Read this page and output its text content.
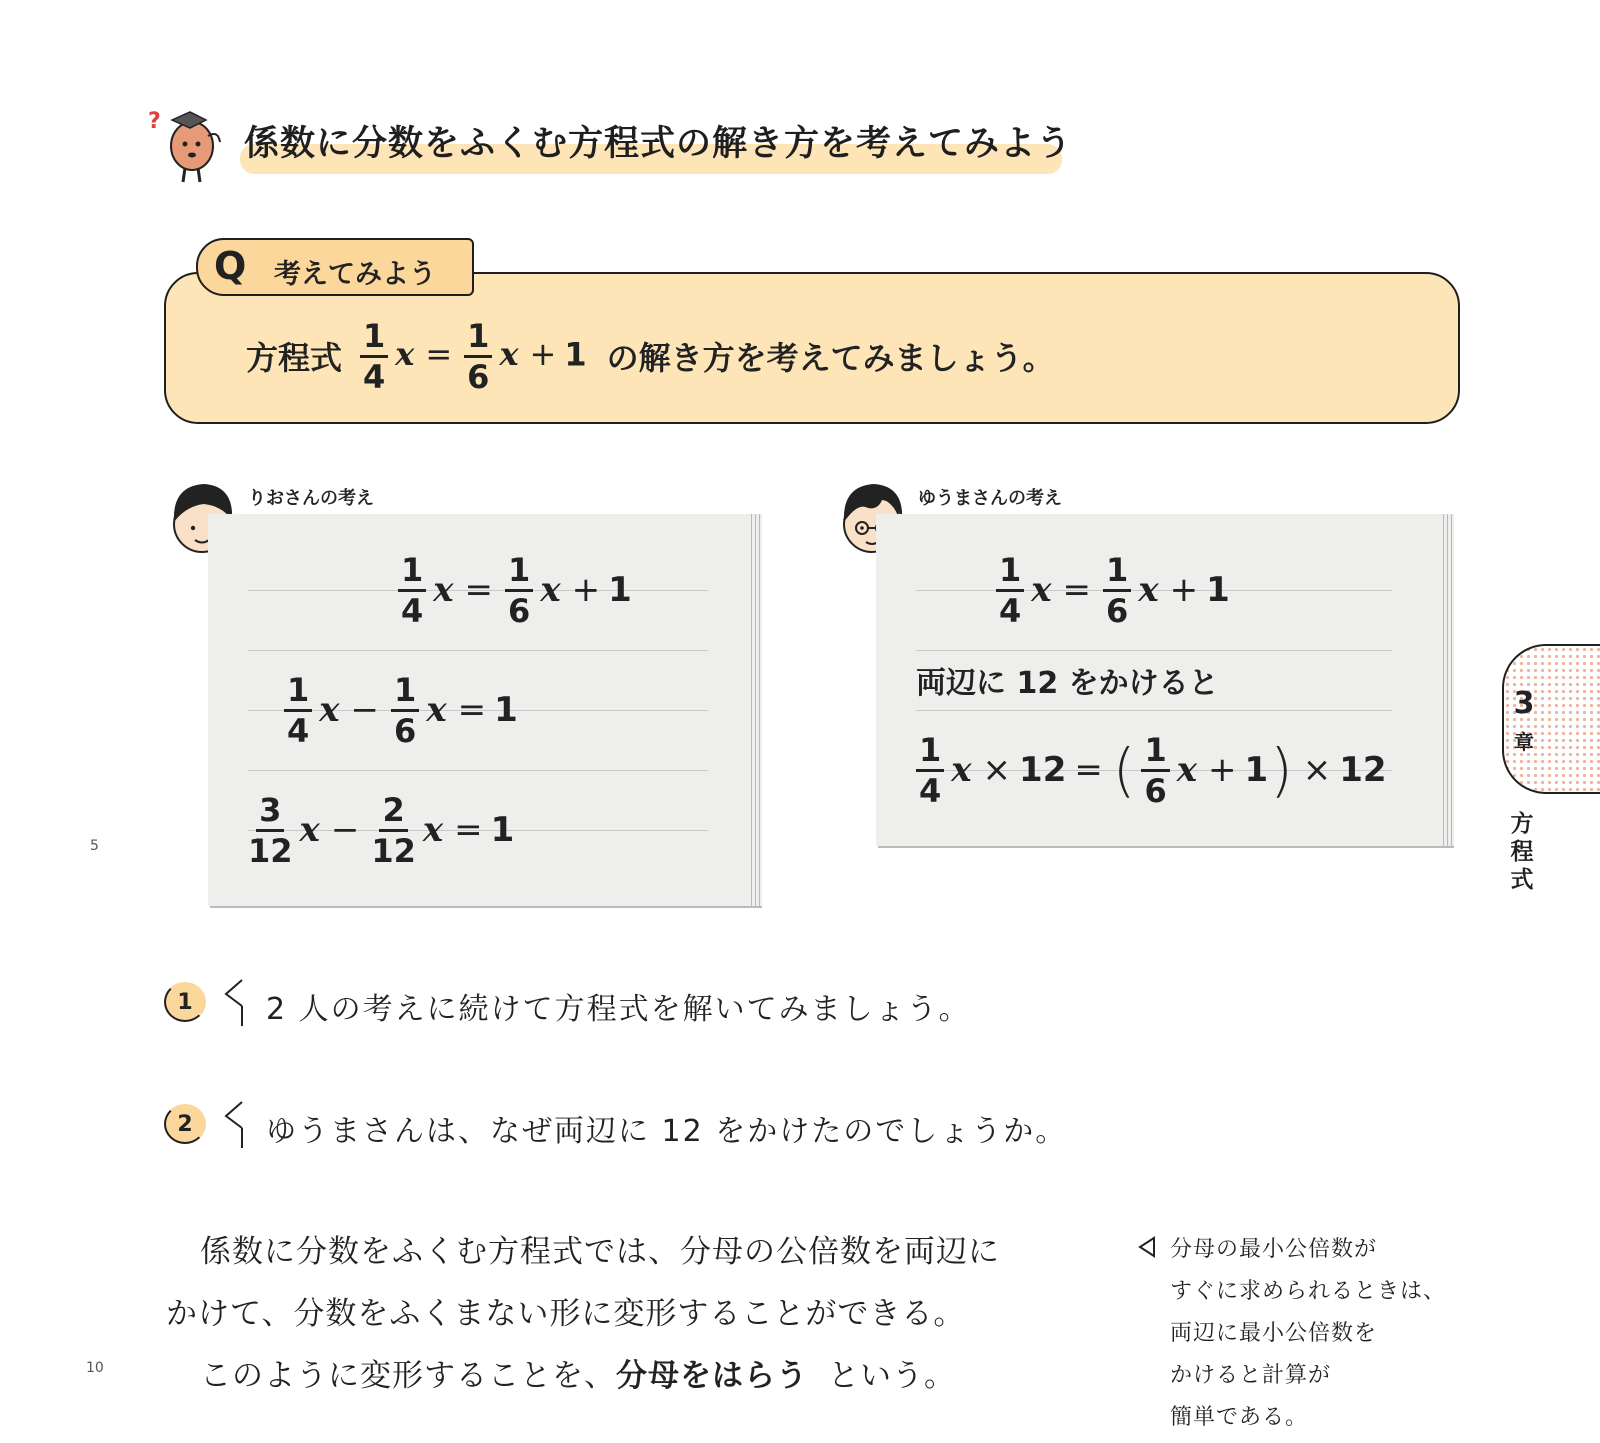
?
係数に分数をふくむ方程式の解き方を考えてみよう
Q 考えてみよう
方程式 $\frac{1}{4}$ $x = \frac{1}{6}$ x + 1 の解き方を考えてみましょう。
りおさんの考え
$\frac{1}{4}$ $x = \frac{1}{6}$ x + 1
$\frac{1}{4}$ $x - \frac{1}{6}$ x = 1
$\frac{3}{12}$ $x - \frac{2}{12}$ x = 1
ゆうまさんの考え
$\frac{1}{4}$ $x = \frac{1}{6}$ x + 1
両辺に 12 をかけると
$\frac{1}{4}$ x × 12 = ( $\frac{1}{6}$ x + 1 ) × 12
3
章
方程式
1	2 人の考えに続けて方程式を解いてみましょう。
2	ゆうまさんは、なぜ両辺に 12 をかけたのでしょうか。
係数に分数をふくむ方程式では、分母の公倍数を両辺に
かけて、分数をふくまない形に変形することができる。
このように変形することを、分母をはらう という。
分母の最小公倍数が
すぐに求められるときは、
両辺に最小公倍数を
かけると計算が
簡単である。
5
10
